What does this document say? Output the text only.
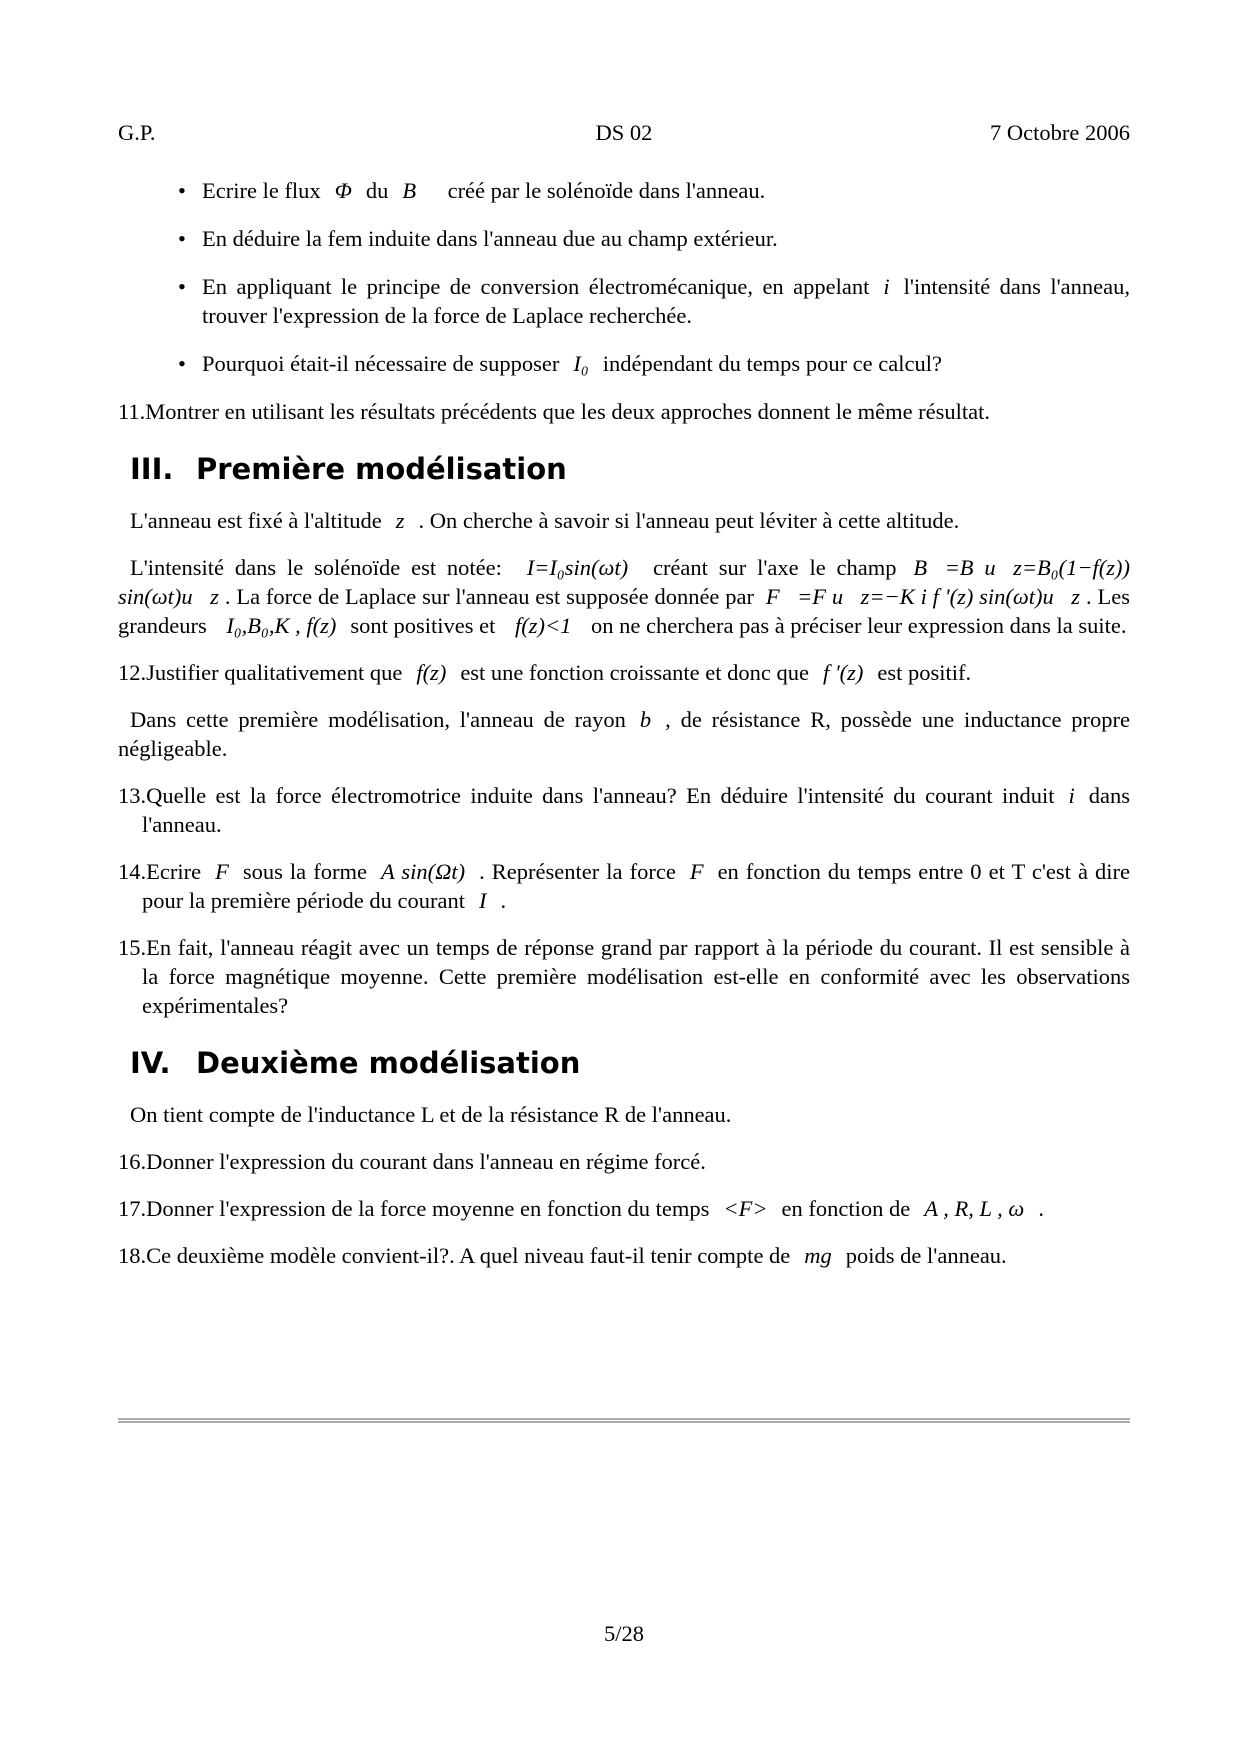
G.P.	DS 02	7 Octobre 2006
• Ecrire le flux Φ du B⃗ créé par le solénoïde dans l'anneau.
• En déduire la fem induite dans l'anneau due au champ extérieur.
• En appliquant le principe de conversion électromécanique, en appelant i l'intensité dans l'anneau, trouver l'expression de la force de Laplace recherchée.
• Pourquoi était-il nécessaire de supposer I₀ indépendant du temps pour ce calcul?

11.Montrer en utilisant les résultats précédents que les deux approches donnent le même résultat.

III. Première modélisation

L'anneau est fixé à l'altitude z . On cherche à savoir si l'anneau peut léviter à cette altitude.

L'intensité dans le solénoïde est notée: I=I₀sin(ωt) créant sur l'axe le champ B⃗=B u⃗z=B₀(1−f(z)) sin(ωt)u⃗z . La force de Laplace sur l'anneau est supposée donnée par F⃗=F u⃗z=−K i f '(z) sin(ωt)u⃗z . Les grandeurs I₀,B₀,K , f(z) sont positives et f(z)<1 on ne cherchera pas à préciser leur expression dans la suite.

12.Justifier qualitativement que f(z) est une fonction croissante et donc que f '(z) est positif.

Dans cette première modélisation, l'anneau de rayon b , de résistance R, possède une inductance propre négligeable.

13.Quelle est la force électromotrice induite dans l'anneau? En déduire l'intensité du courant induit i dans l'anneau.

14.Ecrire F sous la forme A sin(Ωt) . Représenter la force F en fonction du temps entre 0 et T c'est à dire pour la première période du courant I .

15.En fait, l'anneau réagit avec un temps de réponse grand par rapport à la période du courant. Il est sensible à la force magnétique moyenne. Cette première modélisation est-elle en conformité avec les observations expérimentales?

IV. Deuxième modélisation

On tient compte de l'inductance L et de la résistance R de l'anneau.

16.Donner l'expression du courant dans l'anneau en régime forcé.

17.Donner l'expression de la force moyenne en fonction du temps <F> en fonction de A , R, L , ω .

18.Ce deuxième modèle convient-il?. A quel niveau faut-il tenir compte de mg poids de l'anneau.

5/28
